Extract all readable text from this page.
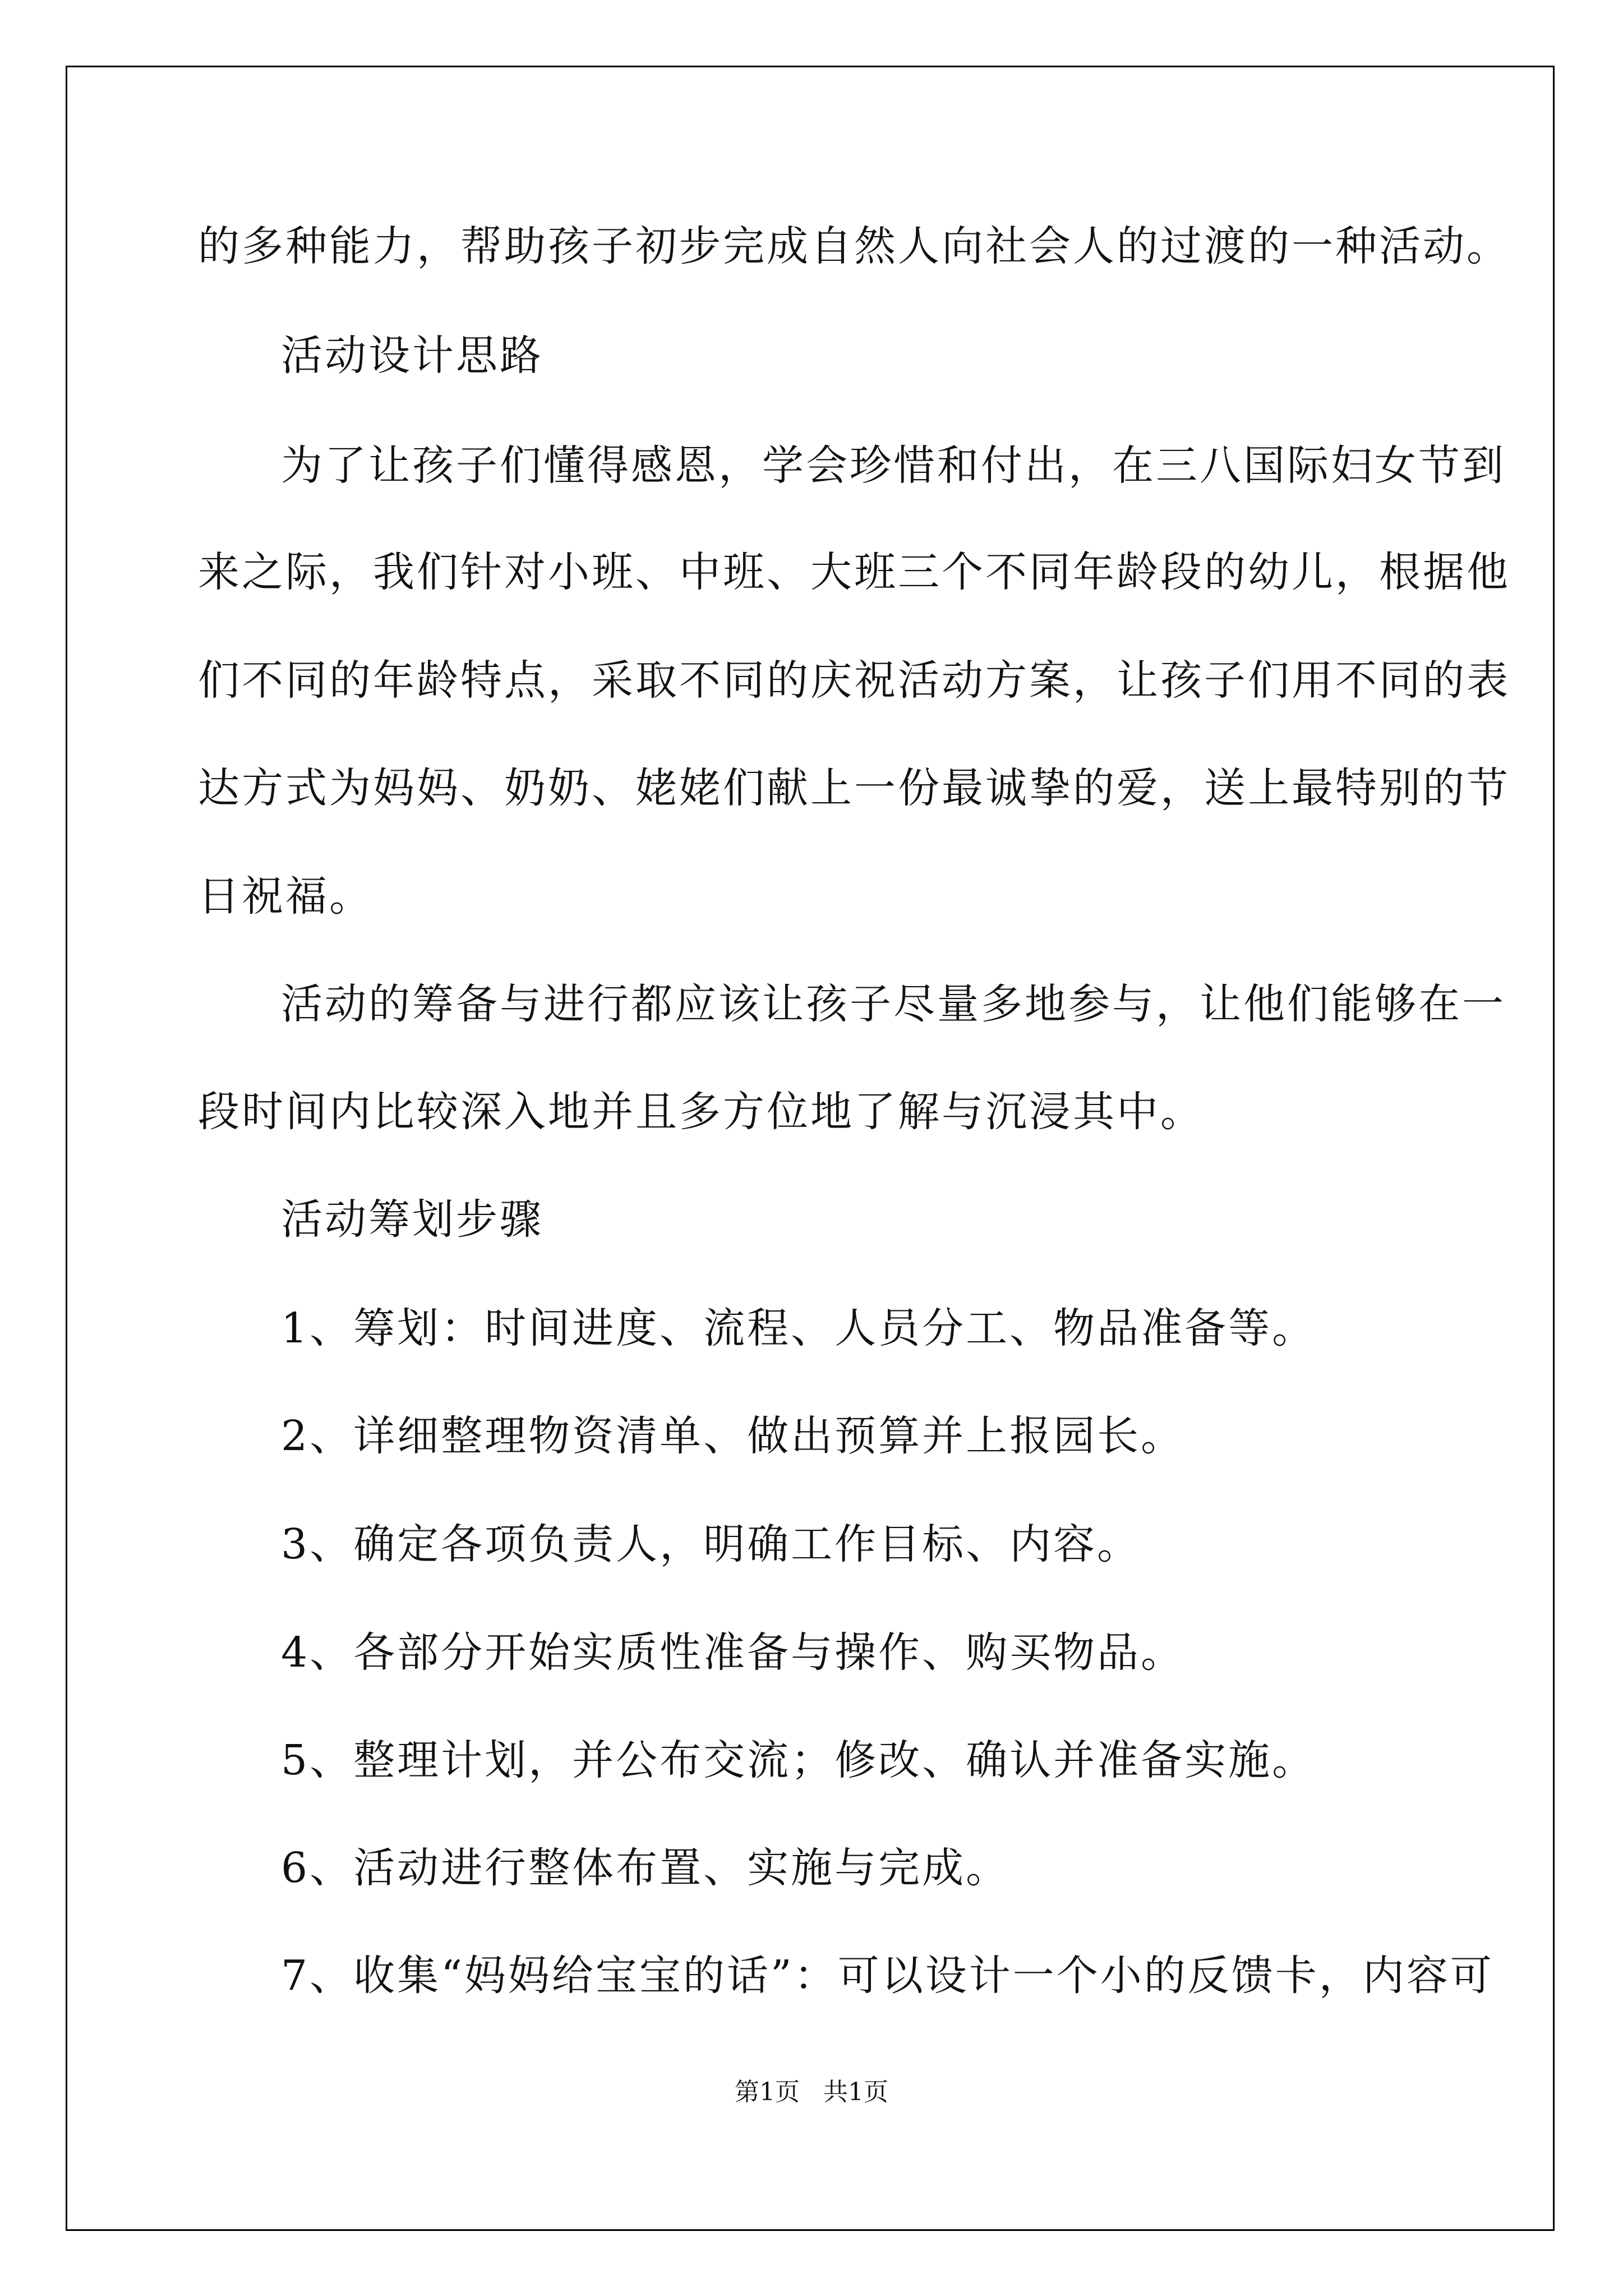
的多种能力，帮助孩子初步完成自然人向社会人的过渡的一种活动。
活动设计思路
为了让孩子们懂得感恩，学会珍惜和付出，在三八国际妇女节到
来之际，我们针对小班、中班、大班三个不同年龄段的幼儿，根据他
们不同的年龄特点，采取不同的庆祝活动方案，让孩子们用不同的表
达方式为妈妈、奶奶、姥姥们献上一份最诚挚的爱，送上最特别的节
日祝福。
活动的筹备与进行都应该让孩子尽量多地参与，让他们能够在一
段时间内比较深入地并且多方位地了解与沉浸其中。
活动筹划步骤
1、筹划：时间进度、流程、人员分工、物品准备等。
2、详细整理物资清单、做出预算并上报园长。
3、确定各项负责人，明确工作目标、内容。
4、各部分开始实质性准备与操作、购买物品。
5、整理计划，并公布交流；修改、确认并准备实施。
6、活动进行整体布置、实施与完成。
7、收集“妈妈给宝宝的话”：可以设计一个小的反馈卡，内容可
第1页   共1页
